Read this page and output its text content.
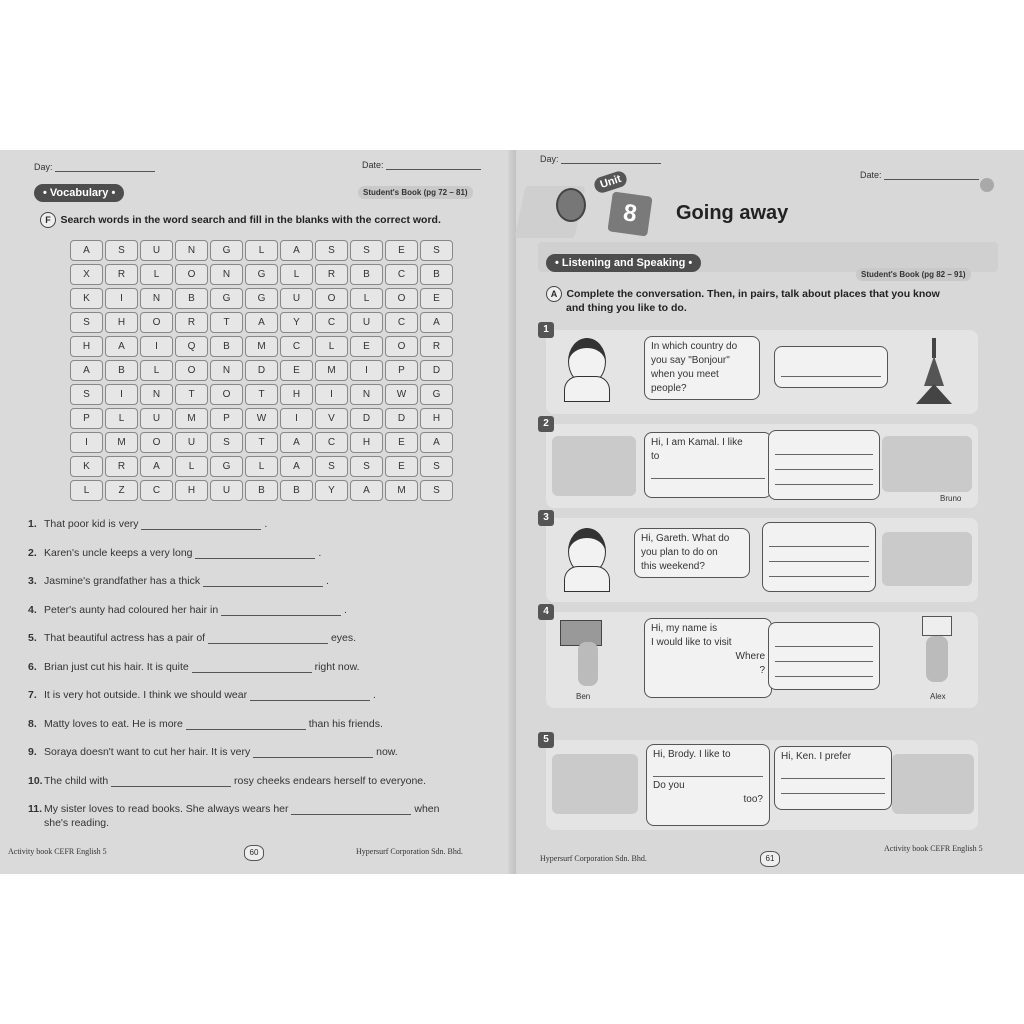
Day:	Date:
• Vocabulary •	Student's Book (pg 72 – 81)
F Search words in the word search and fill in the blanks with the correct word.
A	S	U	N	G	L	A	S	S	E	S
X	R	L	O	N	G	L	R	B	C	B
K	I	N	B	G	G	U	O	L	O	E
S	H	O	R	T	A	Y	C	U	C	A
H	A	I	Q	B	M	C	L	E	O	R
A	B	L	O	N	D	E	M	I	P	D
S	I	N	T	O	T	H	I	N	W	G
P	L	U	M	P	W	I	V	D	D	H
I	M	O	U	S	T	A	C	H	E	A
K	R	A	L	G	L	A	S	S	E	S
L	Z	C	H	U	B	B	Y	A	M	S
1. That poor kid is very	.
2. Karen's uncle keeps a very long	.
3. Jasmine's grandfather has a thick	.
4. Peter's aunty had coloured her hair in	.
5. That beautiful actress has a pair of	eyes.
6. Brian just cut his hair. It is quite	right now.
7. It is very hot outside. I think we should wear	.
8. Matty loves to eat. He is more	than his friends.
9. Soraya doesn't want to cut her hair. It is very	now.
10.The child with	rosy cheeks endears herself to everyone.
11. My sister loves to read books. She always wears her	when
she's reading.
Activity book CEFR English 5	60	Hypersurf Corporation Sdn. Bhd.
Day:
Date:
Unit
8	Going away
• Listening and Speaking •
Student's Book (pg 82 – 91)
A Complete the conversation. Then, in pairs, talk about places that you know
and thing you like to do.
1
In which country do
you say "Bonjour"
when you meet
people?
2
Hi, I am Kamal. I like
to
Bruno
3
Hi, Gareth. What do
you plan to do on
this weekend?
4
Ben
Hi, my name is
I would like to visit
Where
?
Alex
5
Hi, Brody. I like to
Do you
too?
Hi, Ken. I prefer
Hypersurf Corporation Sdn. Bhd.	61
Activity book CEFR English 5
